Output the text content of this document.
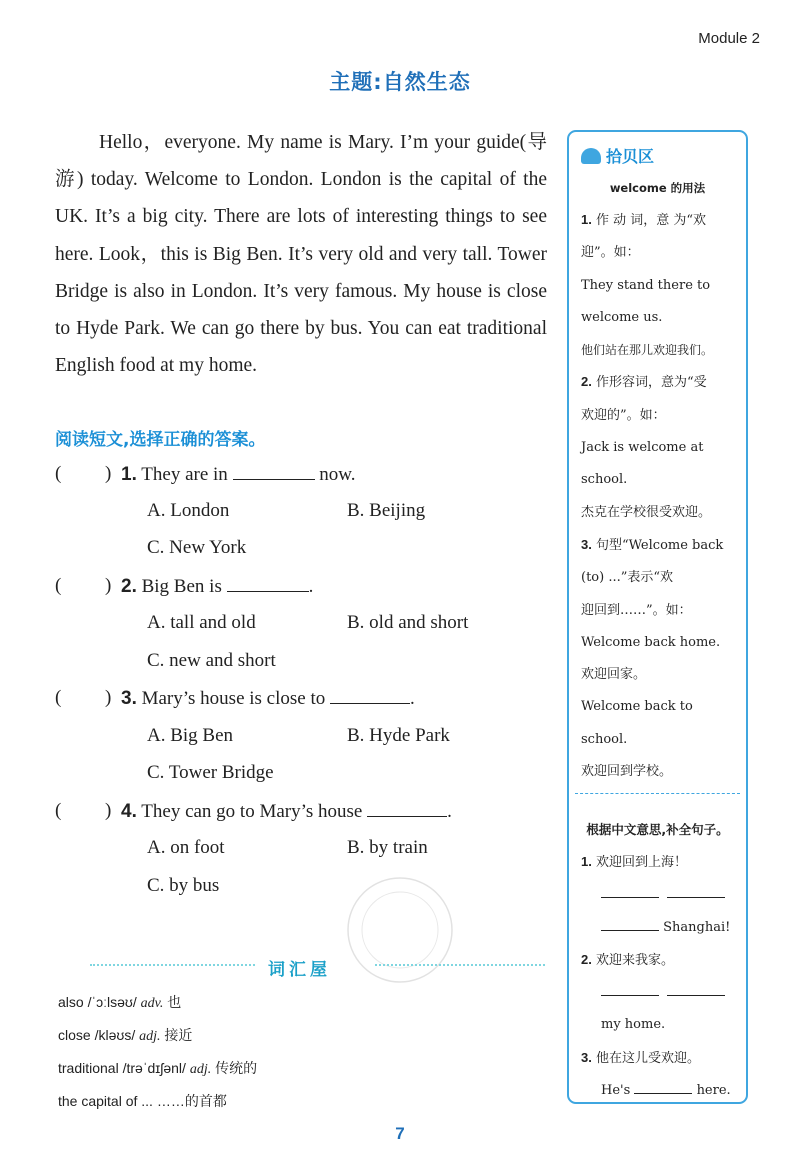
Module 2
主题:自然生态
Hello，everyone. My name is Mary. I’m your guide(导游) today. Welcome to London. London is the capital of the UK. It’s a big city. There are lots of interesting things to see here. Look，this is Big Ben. It’s very old and very tall. Tower Bridge is also in London. It’s very famous. My house is close to Hyde Park. We can go there by bus. You can eat traditional English food at my home.
阅读短文,选择正确的答案。
( ) 1. They are in	now.
A. London	B. Beijing
C. New York
( ) 2. Big Ben is	.
A. tall and old	B. old and short
C. new and short
( ) 3. Mary’s house is close to	.
A. Big Ben	B. Hyde Park
C. Tower Bridge
( ) 4. They can go to Mary’s house	.
A. on foot	B. by train
C. by bus
词汇屋
also /ˈɔːlsəʊ/ adv. 也
close /kləʊs/ adj. 接近
traditional /trəˈdɪʃənl/ adj. 传统的
the capital of ... ……的首都
7
拾贝区
welcome 的用法
1. 作 动 词，意 为“欢
迎”。如：
They stand there to
welcome us.
他们站在那儿欢迎我们。
2. 作形容词，意为“受
欢迎的”。如：
Jack is welcome at
school.
杰克在学校很受欢迎。
3. 句型“Welcome back
(to) ...”表示“欢
迎回到……”。如：
Welcome back home.
欢迎回家。
Welcome back to
school.
欢迎回到学校。
根据中文意思,补全句子。
1. 欢迎回到上海！

Shanghai!
2. 欢迎来我家。

my home.
3. 他在这儿受欢迎。
He's	here.
